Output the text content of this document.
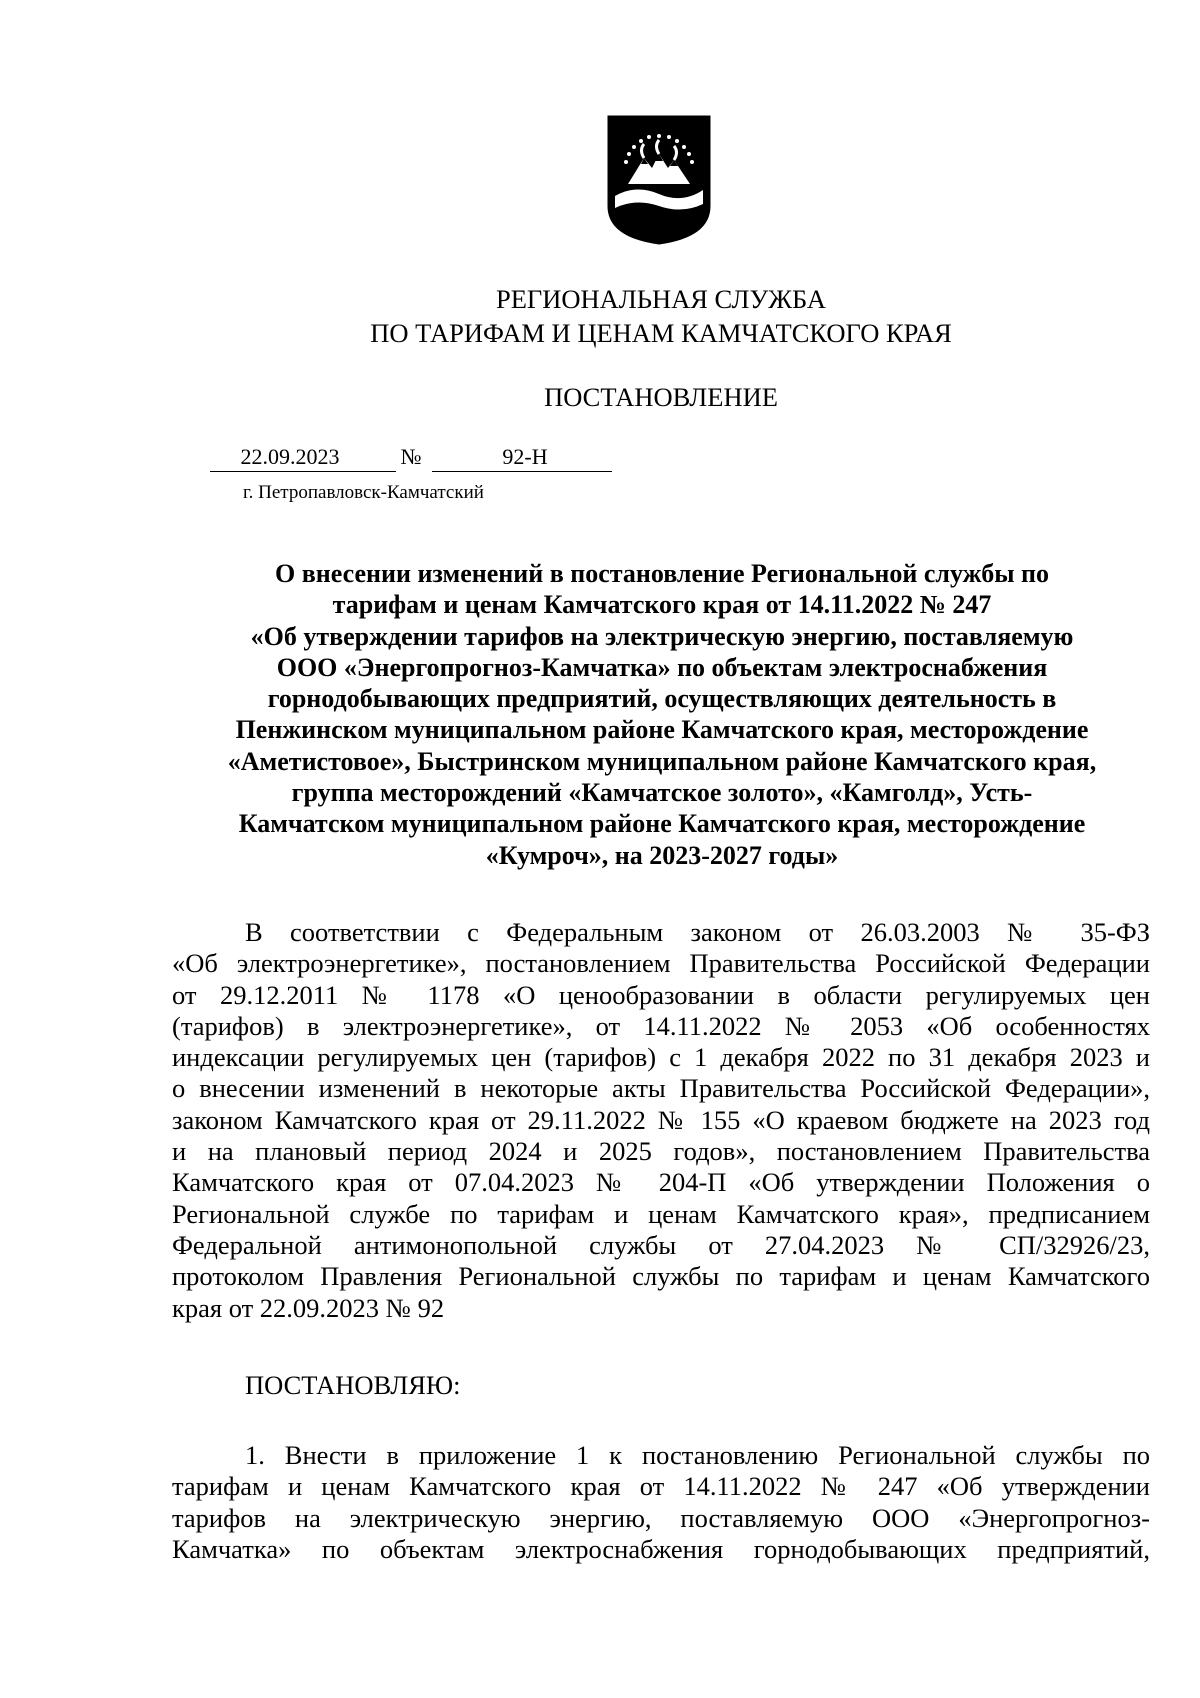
РЕГИОНАЛЬНАЯ СЛУЖБА
ПО ТАРИФАМ И ЦЕНАМ КАМЧАТСКОГО КРАЯ
ПОСТАНОВЛЕНИЕ
22.09.2023	№	92-Н
г. Петропавловск-Камчатский

О внесении изменений в постановление Региональной службы по

тарифам и ценам Камчатского края от 14.11.2022 № 247

«Об утверждении тарифов на электрическую энергию, поставляемую

ООО «Энергопрогноз-Камчатка» по объектам электроснабжения

горнодобывающих предприятий, осуществляющих деятельность в

Пенжинском муниципальном районе Камчатского края, месторождение

«Аметистовое», Быстринском муниципальном районе Камчатского края,

группа месторождений «Камчатское золото», «Камголд», Усть-

Камчатском муниципальном районе Камчатского края, месторождение

«Кумроч», на 2023-2027 годы»

В соответствии с Федеральным законом от 26.03.2003 № 35-ФЗ
«Об электроэнергетике», постановлением Правительства Российской Федерации
от 29.12.2011 № 1178 «О ценообразовании в области регулируемых цен
(тарифов) в электроэнергетике», от 14.11.2022 № 2053 «Об особенностях
индексации регулируемых цен (тарифов) с 1 декабря 2022 по 31 декабря 2023 и
о внесении изменений в некоторые акты Правительства Российской Федерации»,
законом Камчатского края от 29.11.2022 № 155 «О краевом бюджете на 2023 год
и на плановый период 2024 и 2025 годов», постановлением Правительства
Камчатского края от 07.04.2023 № 204-П «Об утверждении Положения о
Региональной службе по тарифам и ценам Камчатского края», предписанием
Федеральной антимонопольной службы от 27.04.2023 № СП/32926/23,
протоколом Правления Региональной службы по тарифам и ценам Камчатского
края от 22.09.2023 № 92
ПОСТАНОВЛЯЮ:
1. Внести в приложение 1 к постановлению Региональной службы по
тарифам и ценам Камчатского края от 14.11.2022 № 247 «Об утверждении
тарифов на электрическую энергию, поставляемую ООО «Энергопрогноз-
Камчатка» по объектам электроснабжения горнодобывающих предприятий,
